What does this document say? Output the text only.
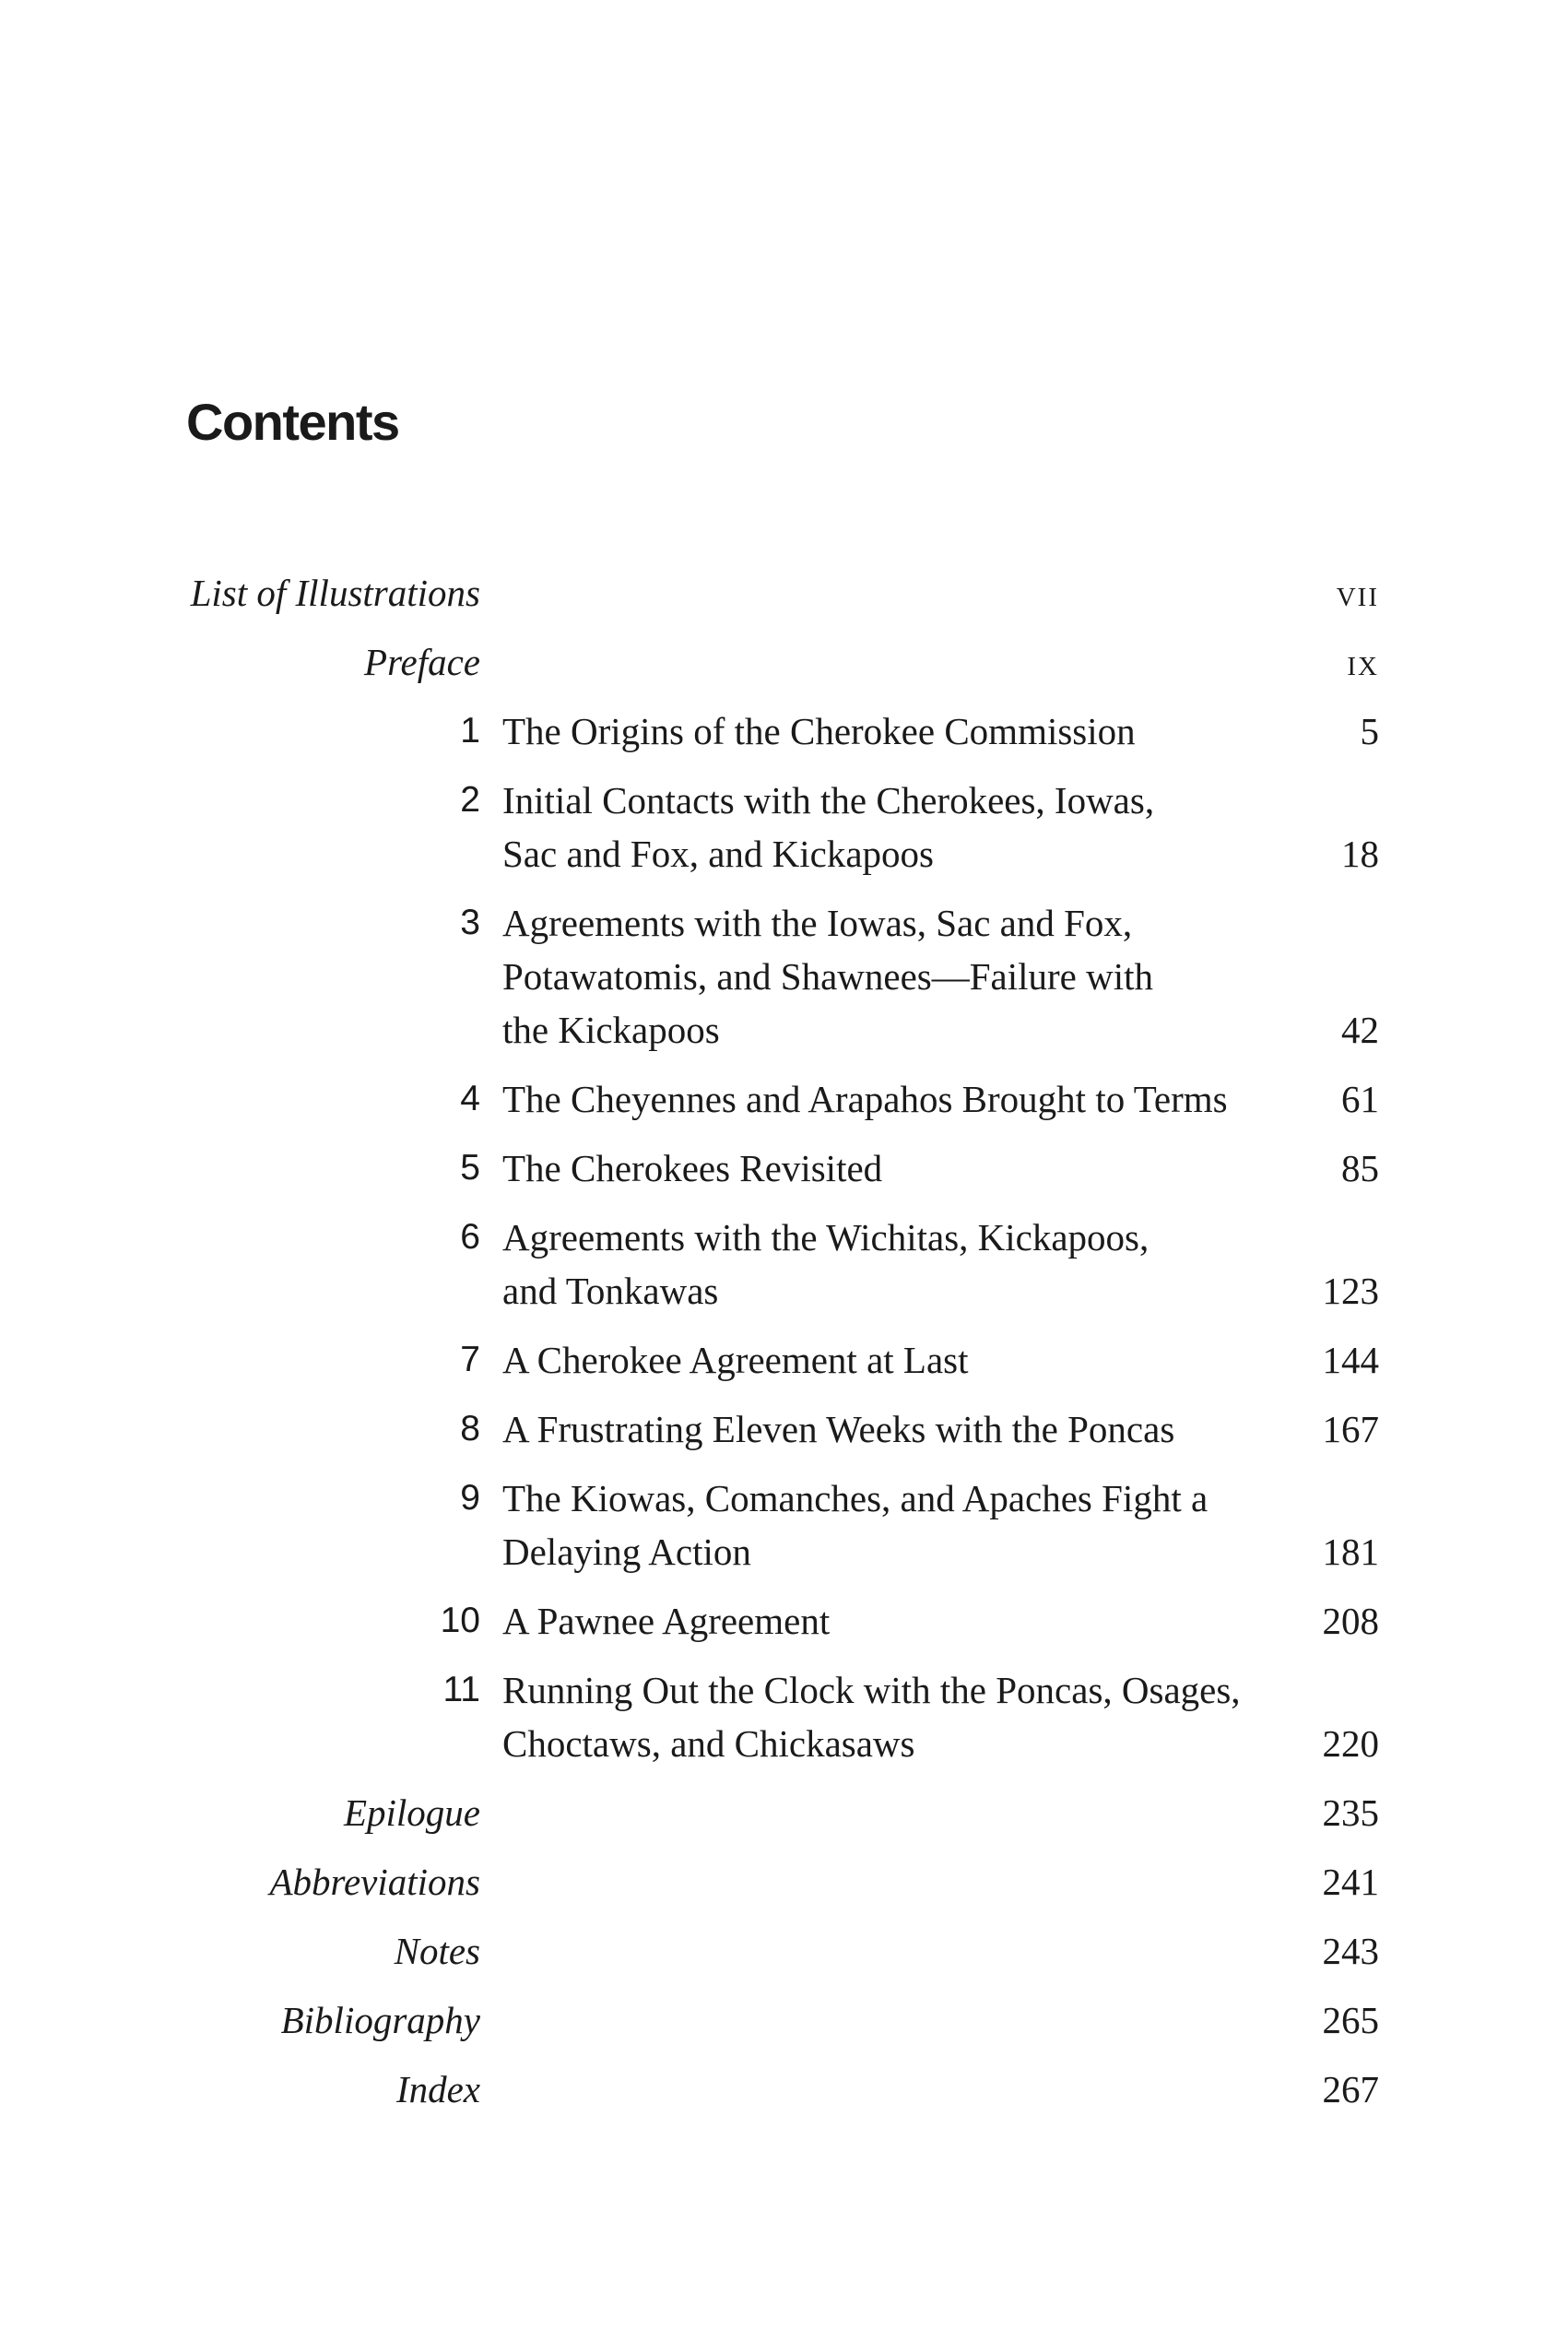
Contents
List of Illustrations	vii
Preface	ix
1 The Origins of the Cherokee Commission	5
2 Initial Contacts with the Cherokees, Iowas,
Sac and Fox, and Kickapoos	18
3 Agreements with the Iowas, Sac and Fox,
Potawatomis, and Shawnees—Failure with
the Kickapoos	42
4 The Cheyennes and Arapahos Brought to Terms	61
5 The Cherokees Revisited	85
6 Agreements with the Wichitas, Kickapoos,
and Tonkawas	123
7 A Cherokee Agreement at Last	144
8 A Frustrating Eleven Weeks with the Poncas	167
9 The Kiowas, Comanches, and Apaches Fight a
Delaying Action	181
10 A Pawnee Agreement	208
11 Running Out the Clock with the Poncas, Osages,
Choctaws, and Chickasaws	220
Epilogue	235
Abbreviations	241
Notes	243
Bibliography	265
Index	267
